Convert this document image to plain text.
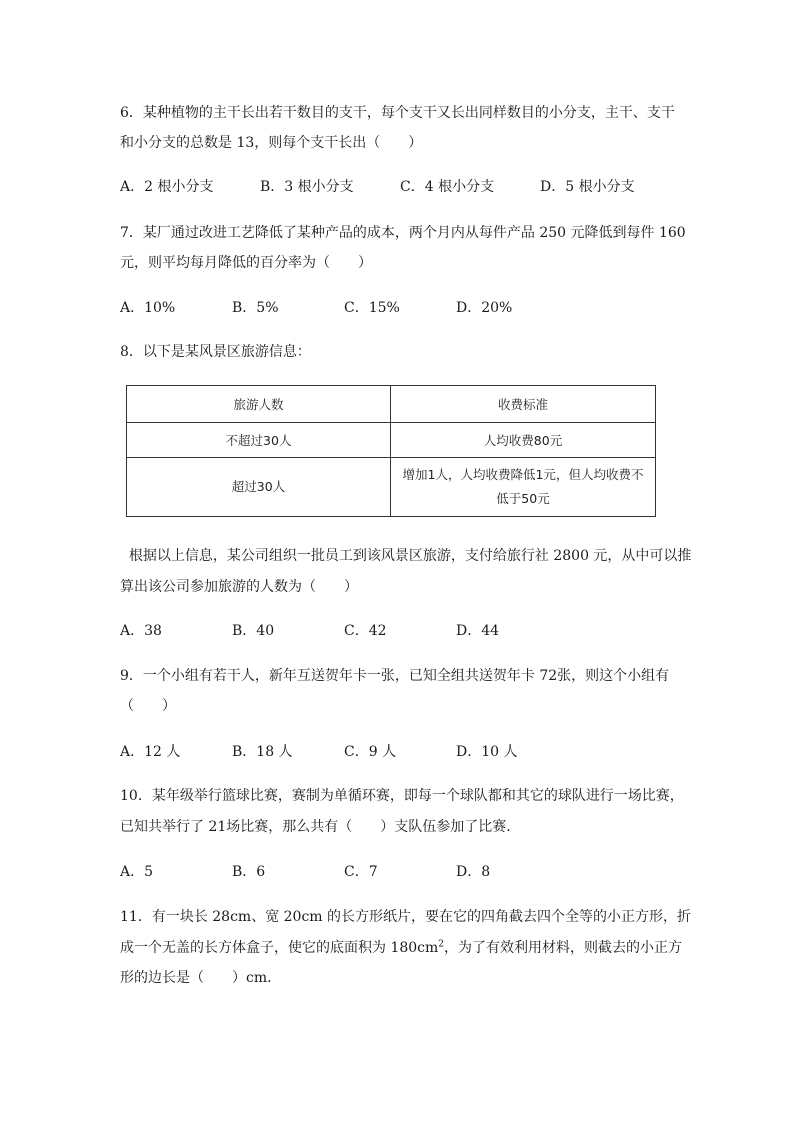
6．某种植物的主干长出若干数目的支干，每个支干又长出同样数目的小分支，主干、支干
和小分支的总数是 13，则每个支干长出（　　）
A．2 根小分支	B．3 根小分支	C．4 根小分支	D．5 根小分支
7．某厂通过改进工艺降低了某种产品的成本，两个月内从每件产品 250 元降低到每件 160
元，则平均每月降低的百分率为（　　）
A．10%	B．5%	C．15%	D．20%
8．以下是某风景区旅游信息：
旅游人数	收费标准
不超过30人	人均收费80元
超过30人	增加1人，人均收费降低1元，但人均收费不低于50元
根据以上信息，某公司组织一批员工到该风景区旅游，支付给旅行社 2800 元，从中可以推
算出该公司参加旅游的人数为（　　）
A．38	B．40	C．42	D．44
9．一个小组有若干人，新年互送贺年卡一张，已知全组共送贺年卡 72张，则这个小组有
（　　）
A．12 人	B．18 人	C．9 人	D．10 人
10．某年级举行篮球比赛，赛制为单循环赛，即每一个球队都和其它的球队进行一场比赛，
已知共举行了 21场比赛，那么共有（　　）支队伍参加了比赛．
A．5	B．6	C．7	D．8
11．有一块长 28cm、宽 20cm 的长方形纸片，要在它的四角截去四个全等的小正方形，折
成一个无盖的长方体盒子，使它的底面积为 $180cm^2$，为了有效利用材料，则截去的小正方
形的边长是（　　）cm．
